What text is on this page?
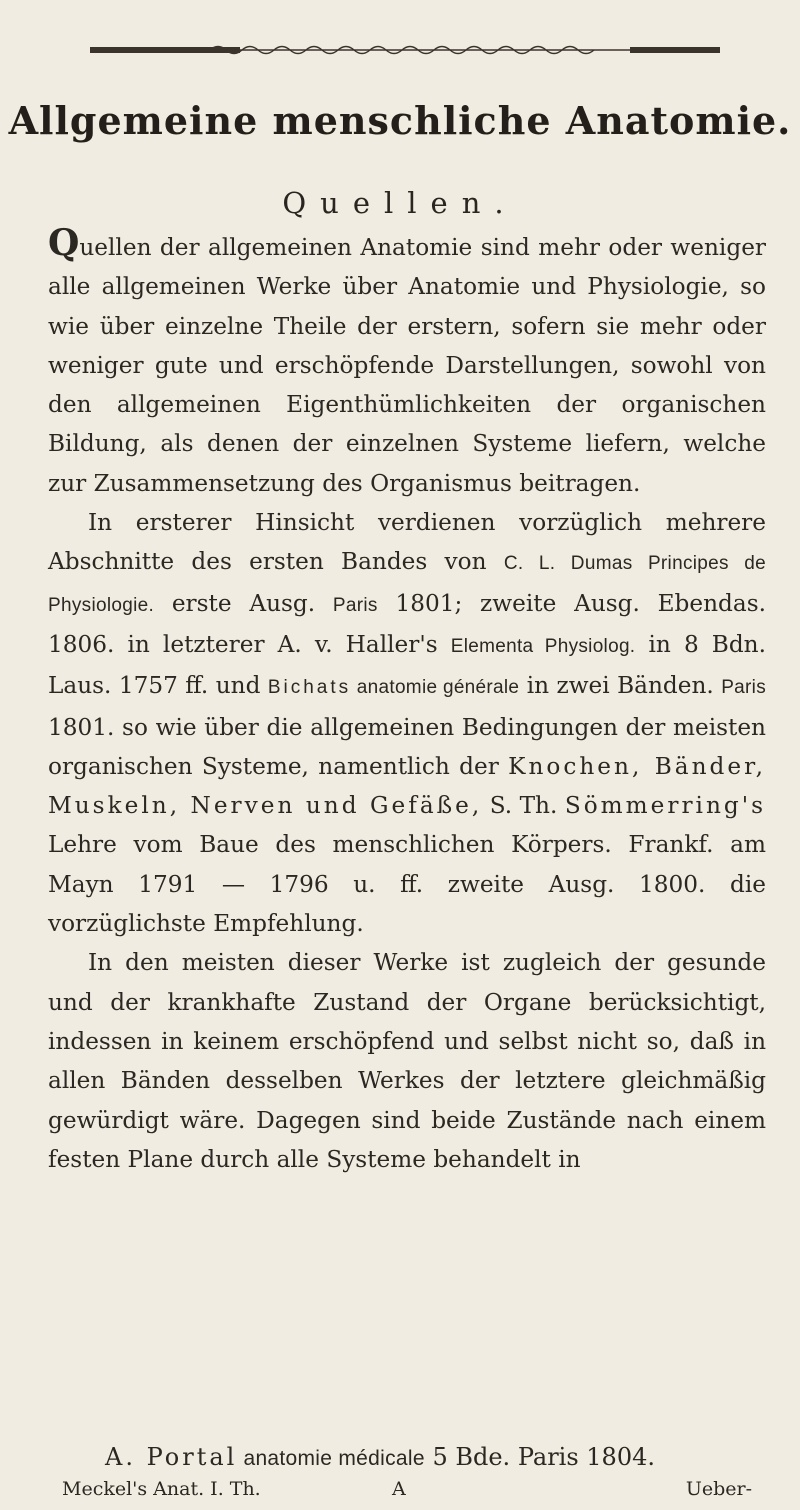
Allgemeine menschliche Anatomie.
Quellen.

Quellen der allgemeinen Anatomie sind mehr oder weniger alle allgemeinen Werke über Anatomie und Physiologie, so wie über einzelne Theile der erstern, sofern sie mehr oder weniger gute und erschöpfende Darstellungen, sowohl von den allgemeinen Eigenthümlichkeiten der organischen Bildung, als denen der einzelnen Systeme liefern, welche zur Zusammensetzung des Organismus beitragen.

In ersterer Hinsicht verdienen vorzüglich mehrere Abschnitte des ersten Bandes von C. L. Dumas Principes de Physiologie. erste Ausg. Paris 1801; zweite Ausg. Ebendas. 1806. in letzterer A. v. Haller's Elementa Physiolog. in 8 Bdn. Laus. 1757 ff. und Bichats anatomie générale in zwei Bänden. Paris 1801. so wie über die allgemeinen Bedingungen der meisten organischen Systeme, namentlich der Knochen, Bänder, Muskeln, Nerven und Gefäße, S. Th. Sömmerring's Lehre vom Baue des menschlichen Körpers. Frankf. am Mayn 1791 — 1796 u. ff. zweite Ausg. 1800. die vorzüglichste Empfehlung.

In den meisten dieser Werke ist zugleich der gesunde und der krankhafte Zustand der Organe berücksichtigt, indessen in keinem erschöpfend und selbst nicht so, daß in allen Bänden desselben Werkes der letztere gleichmäßig gewürdigt wäre. Dagegen sind beide Zustände nach einem festen Plane durch alle Systeme behandelt in

A. Portal anatomie médicale 5 Bde. Paris 1804.
Meckel's Anat. I. Th.	A	Ueber-
